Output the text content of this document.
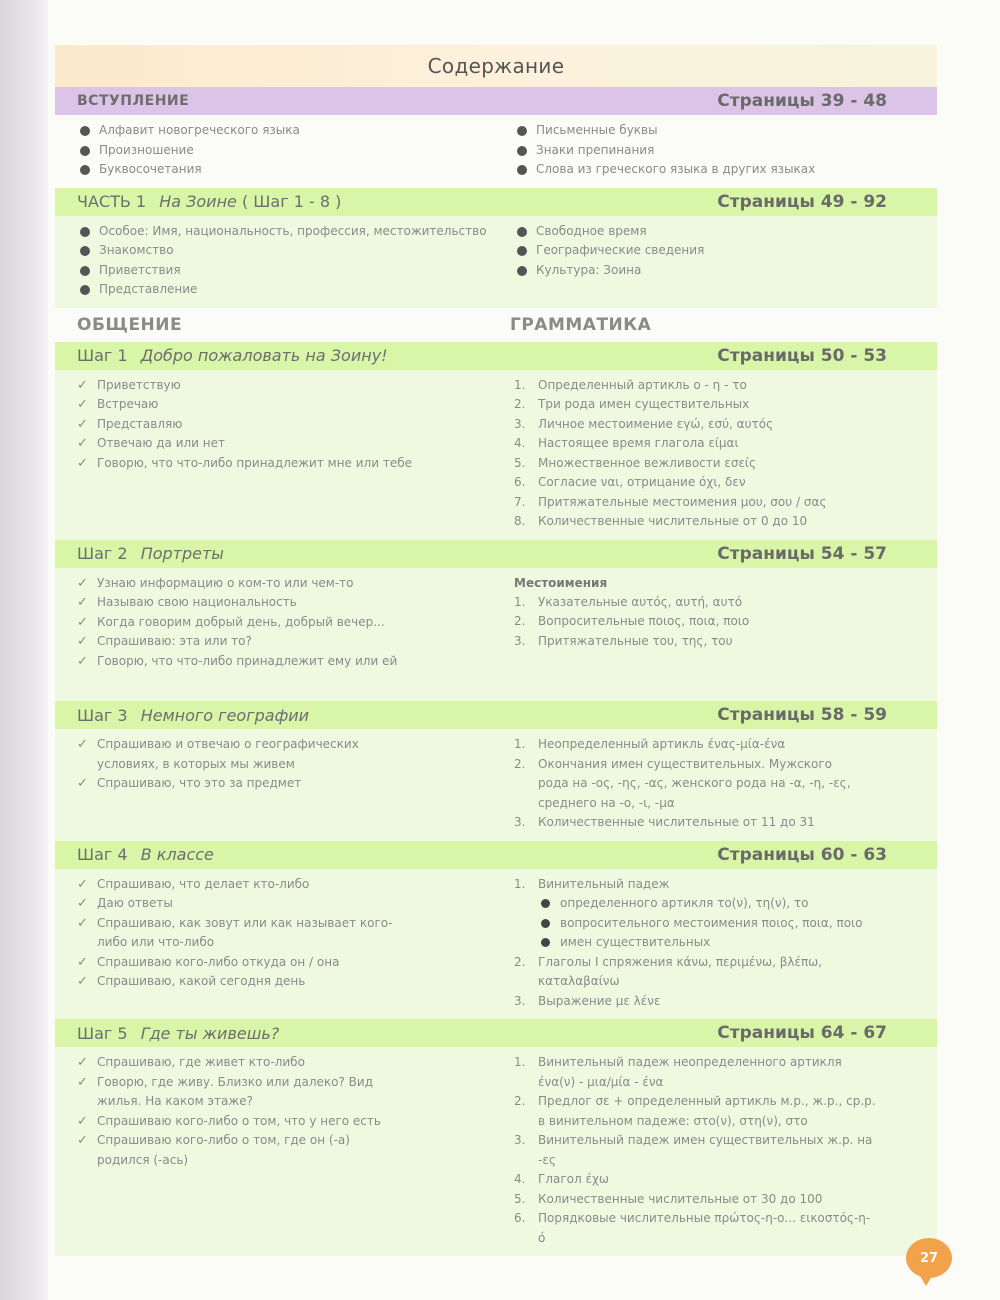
Содержание
ВСТУПЛЕНИЕ	Страницы 39 - 48
Алфавит новогреческого языка
Произношение
Буквосочетания
Письменные буквы
Знаки препинания
Слова из греческого языка в других языках
ЧАСТЬ 1 На Зоине ( Шаг 1 - 8 )	Страницы 49 - 92
Особое: Имя, национальность, профессия, местожительство
Знакомство
Приветствия
Представление
Свободное время
Географические сведения
Культура: Зоина
ОБЩЕНИЕ	ГРАММАТИКА
Шаг 1 Добро пожаловать на Зоину!	Страницы 50 - 53
✓ Приветствую
✓ Встречаю
✓ Представляю
✓ Отвечаю да или нет
✓ Говорю, что что-либо принадлежит мне или тебе
1. Определенный артикль ο - η - το
2. Три рода имен существительных
3. Личное местоимение εγώ, εσύ, αυτός
4. Настоящее время глагола είμαι
5. Множественное вежливости εσείς
6. Согласие ναι, отрицание όχι, δεν
7. Притяжательные местоимения μου, σου / σας
8. Количественные числительные от 0 до 10
Шаг 2 Портреты	Страницы 54 - 57
✓ Узнаю информацию о ком-то или чем-то
✓ Называю свою национальность
✓ Когда говорим добрый день, добрый вечер...
✓ Спрашиваю: эта или то?
✓ Говорю, что что-либо принадлежит ему или ей
Местоимения
1. Указательные αυτός, αυτή, αυτό
2. Вопросительные ποιος, ποια, ποιο
3. Притяжательные του, της, του
Шаг 3 Немного географии	Страницы 58 - 59
✓ Спрашиваю и отвечаю о географических условиях, в которых мы живем
✓ Спрашиваю, что это за предмет
1. Неопределенный артикль ένας-μία-ένα
2. Окончания имен существительных. Мужского рода на -ος, -ης, -ας, женского рода на -α, -η, -ες, среднего на -ο, -ι, -μα
3. Количественные числительные от 11 до 31
Шаг 4 В классе	Страницы 60 - 63
✓ Спрашиваю, что делает кто-либо
✓ Даю ответы
✓ Спрашиваю, как зовут или как называет кого-либо или что-либо
✓ Спрашиваю кого-либо откуда он / она
✓ Спрашиваю, какой сегодня день
1. Винительный падеж
определенного артикля το(ν), τη(ν), το
вопросительного местоимения ποιος, ποια, ποιο
имен существительных
2. Глаголы I спряжения κάνω, περιμένω, βλέπω, καταλαβαίνω
3. Выражение με λένε
Шаг 5 Где ты живешь?	Страницы 64 - 67
✓ Спрашиваю, где живет кто-либо
✓ Говорю, где живу. Близко или далеко? Вид жилья. На каком этаже?
✓ Спрашиваю кого-либо о том, что у него есть
✓ Спрашиваю кого-либо о том, где он (-а) родился (-ась)
1. Винительный падеж неопределенного артикля ένα(ν) - μια/μία - ένα
2. Предлог σε + определенный артикль м.р., ж.р., ср.р. в винительном падеже: στο(ν), στη(ν), στο
3. Винительный падеж имен существительных ж.р. на -ες
4. Глагол έχω
5. Количественные числительные от 30 до 100
6. Порядковые числительные πρώτος-η-ο... εικοστός-η-ό
27
